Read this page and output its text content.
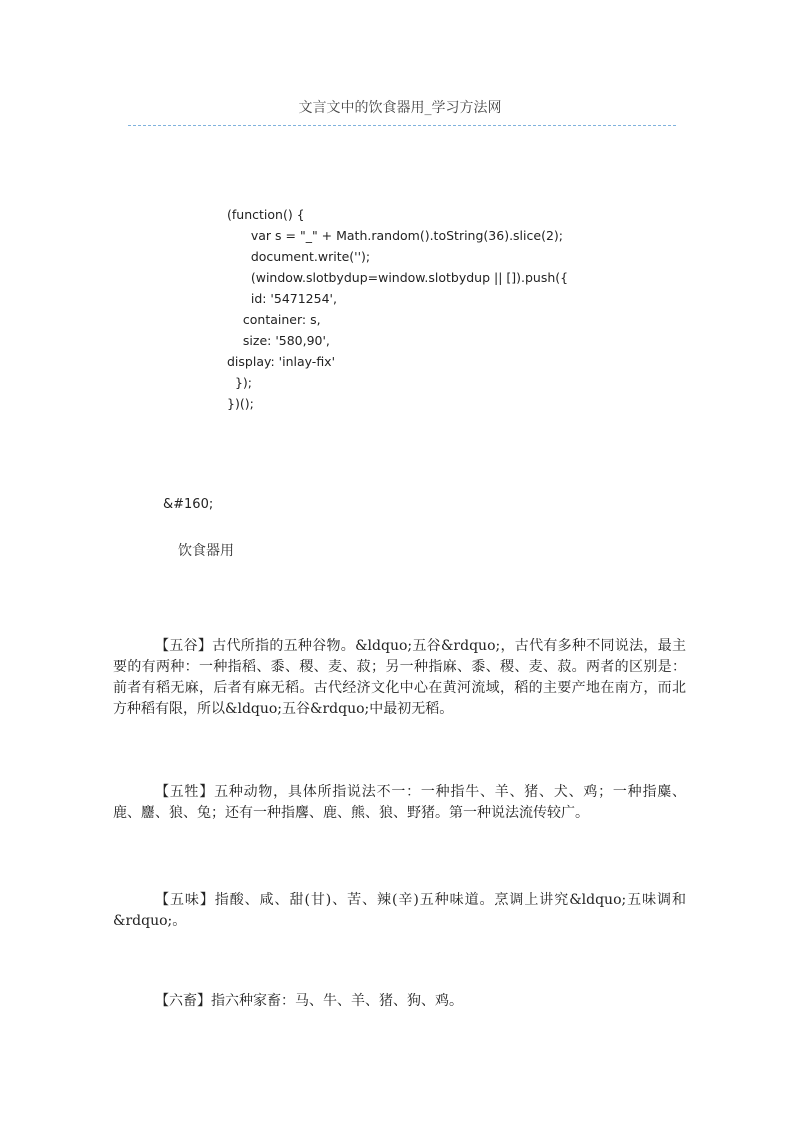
文言文中的饮食器用_学习方法网
(function() {
var s = "_" + Math.random().toString(36).slice(2);
document.write('');
(window.slotbydup=window.slotbydup || []).push({
id: '5471254',
container: s,
size: '580,90',
display: 'inlay-fix'
});
})();
&#160;
饮食器用

【五谷】古代所指的五种谷物。&ldquo;五谷&rdquo;，古代有多种不同说法，最主要的有两种：一种指稻、黍、稷、麦、菽；另一种指麻、黍、稷、麦、菽。两者的区别是：前者有稻无麻，后者有麻无稻。古代经济文化中心在黄河流域，稻的主要产地在南方，而北方种稻有限，所以&ldquo;五谷&rdquo;中最初无稻。

【五牲】五种动物，具体所指说法不一：一种指牛、羊、猪、犬、鸡；一种指麋、鹿、麢、狼、兔；还有一种指麐、鹿、熊、狼、野猪。第一种说法流传较广。

【五味】指酸、咸、甜(甘)、苦、辣(辛)五种味道。烹调上讲究&ldquo;五味调和&rdquo;。

【六畜】指六种家畜：马、牛、羊、猪、狗、鸡。
